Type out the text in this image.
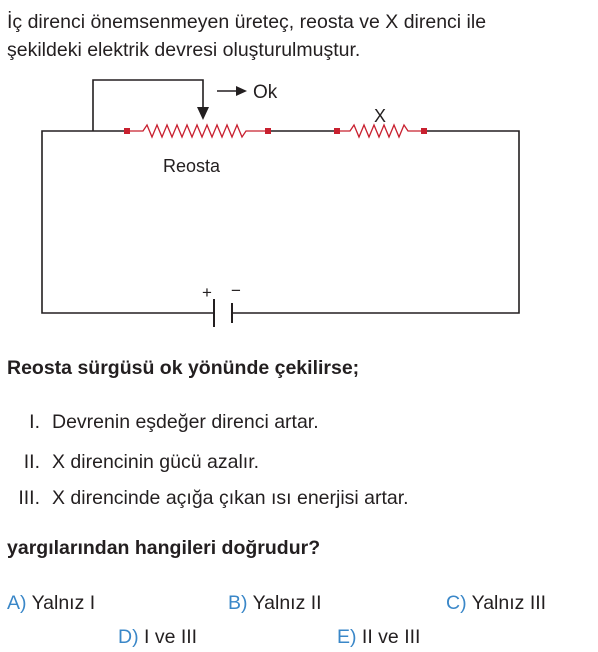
İç direnci önemsenmeyen üreteç, reosta ve X direnci ile
şekildeki elektrik devresi oluşturulmuştur.
Ok
X
Reosta
+ −
Reosta sürgüsü ok yönünde çekilirse;
I. Devrenin eşdeğer direnci artar.
II. X direncinin gücü azalır.
III. X direncinde açığa çıkan ısı enerjisi artar.
yargılarından hangileri doğrudur?
A) Yalnız I	B) Yalnız II	C) Yalnız III
D) I ve III	E) II ve III
